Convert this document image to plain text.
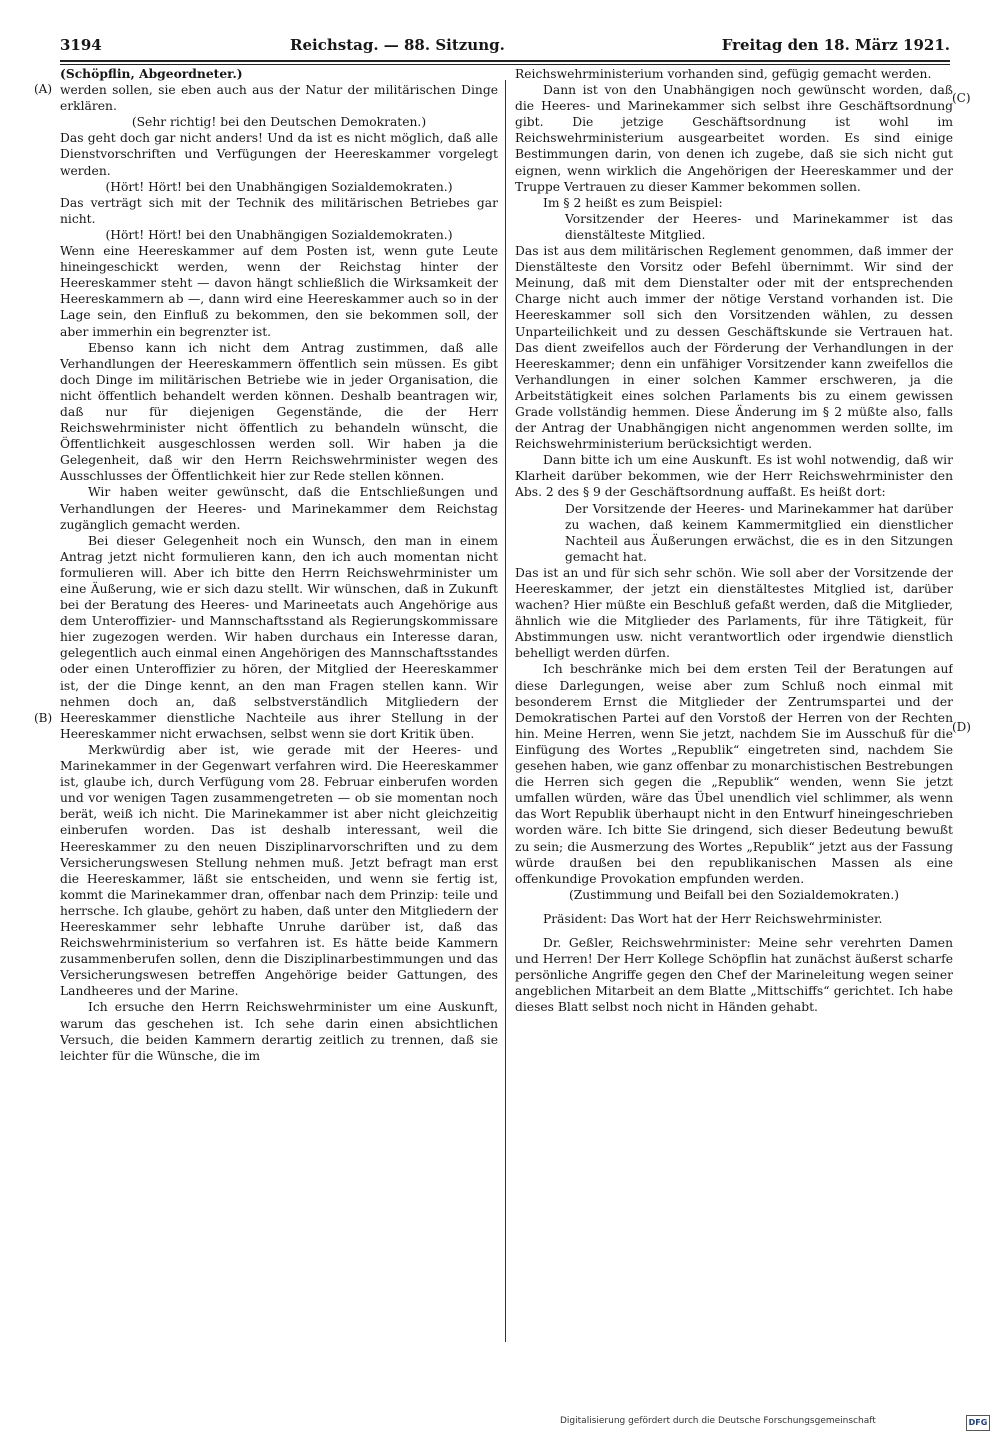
3194	Reichstag. — 88. Sitzung.	Freitag den 18. März 1921.
(A)
(B)
(C)
(D)

(Schöpflin, Abgeordneter.)

werden sollen, sie eben auch aus der Natur der militärischen Dinge erklären.

(Sehr richtig! bei den Deutschen Demokraten.)

Das geht doch gar nicht anders! Und da ist es nicht möglich, daß alle Dienstvorschriften und Verfügungen der Heereskammer vorgelegt werden.

(Hört! Hört! bei den Unabhängigen Sozialdemokraten.)

Das verträgt sich mit der Technik des militärischen Betriebes gar nicht.

(Hört! Hört! bei den Unabhängigen Sozialdemokraten.)

Wenn eine Heereskammer auf dem Posten ist, wenn gute Leute hineingeschickt werden, wenn der Reichstag hinter der Heereskammer steht — davon hängt schließlich die Wirksamkeit der Heereskammern ab —, dann wird eine Heereskammer auch so in der Lage sein, den Einfluß zu bekommen, den sie bekommen soll, der aber immerhin ein begrenzter ist.

Ebenso kann ich nicht dem Antrag zustimmen, daß alle Verhandlungen der Heereskammern öffentlich sein müssen. Es gibt doch Dinge im militärischen Betriebe wie in jeder Organisation, die nicht öffentlich behandelt werden können. Deshalb beantragen wir, daß nur für diejenigen Gegenstände, die der Herr Reichswehrminister nicht öffentlich zu behandeln wünscht, die Öffentlichkeit ausgeschlossen werden soll. Wir haben ja die Gelegenheit, daß wir den Herrn Reichswehrminister wegen des Ausschlusses der Öffentlichkeit hier zur Rede stellen können.

Wir haben weiter gewünscht, daß die Entschließungen und Verhandlungen der Heeres- und Marinekammer dem Reichstag zugänglich gemacht werden.

Bei dieser Gelegenheit noch ein Wunsch, den man in einem Antrag jetzt nicht formulieren kann, den ich auch momentan nicht formulieren will. Aber ich bitte den Herrn Reichswehrminister um eine Äußerung, wie er sich dazu stellt. Wir wünschen, daß in Zukunft bei der Beratung des Heeres- und Marineetats auch Angehörige aus dem Unteroffizier- und Mannschaftsstand als Regierungskommissare hier zugezogen werden. Wir haben durchaus ein Interesse daran, gelegentlich auch einmal einen Angehörigen des Mannschaftsstandes oder einen Unteroffizier zu hören, der Mitglied der Heereskammer ist, der die Dinge kennt, an den man Fragen stellen kann. Wir nehmen doch an, daß selbstverständlich Mitgliedern der Heereskammer dienstliche Nachteile aus ihrer Stellung in der Heereskammer nicht erwachsen, selbst wenn sie dort Kritik üben.

Merkwürdig aber ist, wie gerade mit der Heeres- und Marinekammer in der Gegenwart verfahren wird. Die Heereskammer ist, glaube ich, durch Verfügung vom 28. Februar einberufen worden und vor wenigen Tagen zusammengetreten — ob sie momentan noch berät, weiß ich nicht. Die Marinekammer ist aber nicht gleichzeitig einberufen worden. Das ist deshalb interessant, weil die Heereskammer zu den neuen Disziplinarvorschriften und zu dem Versicherungswesen Stellung nehmen muß. Jetzt befragt man erst die Heereskammer, läßt sie entscheiden, und wenn sie fertig ist, kommt die Marinekammer dran, offenbar nach dem Prinzip: teile und herrsche. Ich glaube, gehört zu haben, daß unter den Mitgliedern der Heereskammer sehr lebhafte Unruhe darüber ist, daß das Reichswehrministerium so verfahren ist. Es hätte beide Kammern zusammenberufen sollen, denn die Disziplinarbestimmungen und das Versicherungswesen betreffen Angehörige beider Gattungen, des Landheeres und der Marine.

Ich ersuche den Herrn Reichswehrminister um eine Auskunft, warum das geschehen ist. Ich sehe darin einen absichtlichen Versuch, die beiden Kammern derartig zeitlich zu trennen, daß sie leichter für die Wünsche, die im

Reichswehrministerium vorhanden sind, gefügig gemacht werden.

Dann ist von den Unabhängigen noch gewünscht worden, daß die Heeres- und Marinekammer sich selbst ihre Geschäftsordnung gibt. Die jetzige Geschäftsordnung ist wohl im Reichswehrministerium ausgearbeitet worden. Es sind einige Bestimmungen darin, von denen ich zugebe, daß sie sich nicht gut eignen, wenn wirklich die Angehörigen der Heereskammer und der Truppe Vertrauen zu dieser Kammer bekommen sollen.

Im § 2 heißt es zum Beispiel:

Vorsitzender der Heeres- und Marinekammer ist das dienstälteste Mitglied.

Das ist aus dem militärischen Reglement genommen, daß immer der Dienstälteste den Vorsitz oder Befehl übernimmt. Wir sind der Meinung, daß mit dem Dienstalter oder mit der entsprechenden Charge nicht auch immer der nötige Verstand vorhanden ist. Die Heereskammer soll sich den Vorsitzenden wählen, zu dessen Unparteilichkeit und zu dessen Geschäftskunde sie Vertrauen hat. Das dient zweifellos auch der Förderung der Verhandlungen in der Heereskammer; denn ein unfähiger Vorsitzender kann zweifellos die Verhandlungen in einer solchen Kammer erschweren, ja die Arbeitstätigkeit eines solchen Parlaments bis zu einem gewissen Grade vollständig hemmen. Diese Änderung im § 2 müßte also, falls der Antrag der Unabhängigen nicht angenommen werden sollte, im Reichswehrministerium berücksichtigt werden.

Dann bitte ich um eine Auskunft. Es ist wohl notwendig, daß wir Klarheit darüber bekommen, wie der Herr Reichswehrminister den Abs. 2 des § 9 der Geschäftsordnung auffaßt. Es heißt dort:

Der Vorsitzende der Heeres- und Marinekammer hat darüber zu wachen, daß keinem Kammermitglied ein dienstlicher Nachteil aus Äußerungen erwächst, die es in den Sitzungen gemacht hat.

Das ist an und für sich sehr schön. Wie soll aber der Vorsitzende der Heereskammer, der jetzt ein dienstältestes Mitglied ist, darüber wachen? Hier müßte ein Beschluß gefaßt werden, daß die Mitglieder, ähnlich wie die Mitglieder des Parlaments, für ihre Tätigkeit, für Abstimmungen usw. nicht verantwortlich oder irgendwie dienstlich behelligt werden dürfen.

Ich beschränke mich bei dem ersten Teil der Beratungen auf diese Darlegungen, weise aber zum Schluß noch einmal mit besonderem Ernst die Mitglieder der Zentrumspartei und der Demokratischen Partei auf den Vorstoß der Herren von der Rechten hin. Meine Herren, wenn Sie jetzt, nachdem Sie im Ausschuß für die Einfügung des Wortes „Republik“ eingetreten sind, nachdem Sie gesehen haben, wie ganz offenbar zu monarchistischen Bestrebungen die Herren sich gegen die „Republik“ wenden, wenn Sie jetzt umfallen würden, wäre das Übel unendlich viel schlimmer, als wenn das Wort Republik überhaupt nicht in den Entwurf hineingeschrieben worden wäre. Ich bitte Sie dringend, sich dieser Bedeutung bewußt zu sein; die Ausmerzung des Wortes „Republik“ jetzt aus der Fassung würde draußen bei den republikanischen Massen als eine offenkundige Provokation empfunden werden.

(Zustimmung und Beifall bei den Sozialdemokraten.)

Präsident: Das Wort hat der Herr Reichswehrminister.

Dr. Geßler, Reichswehrminister: Meine sehr verehrten Damen und Herren! Der Herr Kollege Schöpflin hat zunächst äußerst scharfe persönliche Angriffe gegen den Chef der Marineleitung wegen seiner angeblichen Mitarbeit an dem Blatte „Mittschiffs“ gerichtet. Ich habe dieses Blatt selbst noch nicht in Händen gehabt.

Digitalisierung gefördert durch die Deutsche Forschungsgemeinschaft	DFG
